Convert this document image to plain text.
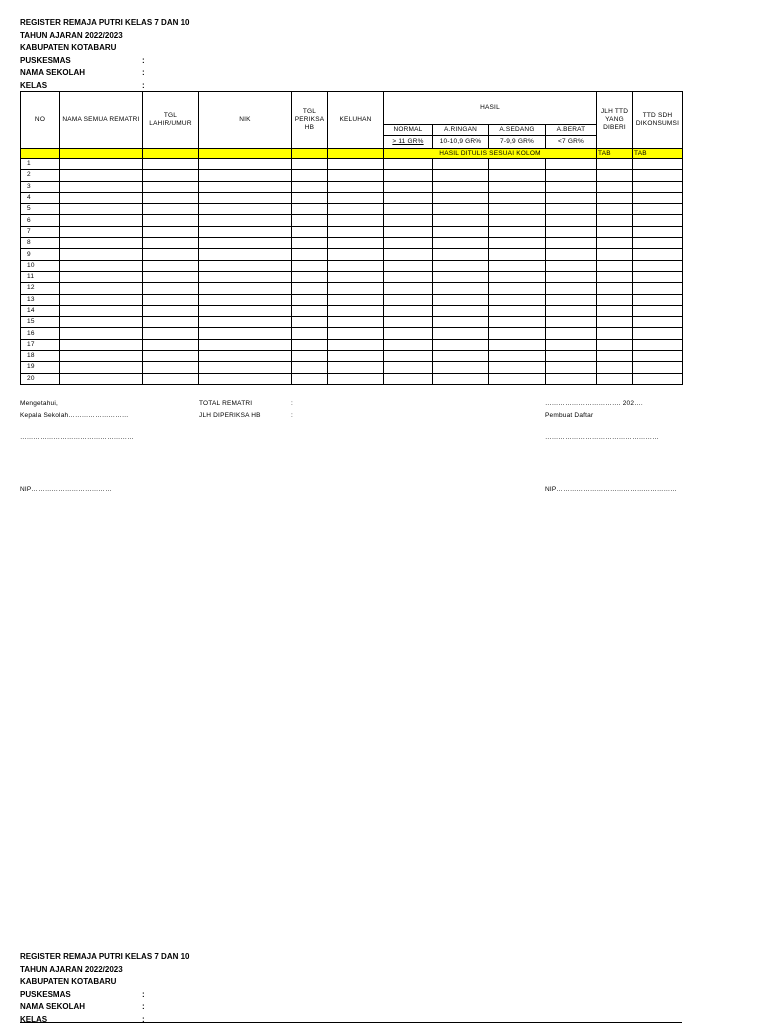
REGISTER REMAJA PUTRI KELAS 7 DAN 10
TAHUN AJARAN 2022/2023
KABUPATEN KOTABARU
PUSKESMAS	:
NAMA SEKOLAH	:
KELAS	:
NO	NAMA SEMUA REMATRI	TGL LAHIR/UMUR	NIK	TGL PERIKSA HB	KELUHAN	HASIL				JLH TTD YANG DIBERI	TTD SDH DIKONSUMSI
						NORMAL	A.RINGAN	A.SEDANG	A.BERAT		
						> 11 GR%	10-10,9 GR%	7-9,9 GR%	<7 GR%		
						HASIL DITULIS SESUAI KOLOM				TAB	TAB
1											
2											
3											
4											
5											
6											
7											
8											
9											
10											
11											
12											
13											
14											
15											
16											
17											
18											
19											
20											
Mengetahui,
Kepala Sekolah………………………
……………………………………………
NIP………………………………
TOTAL REMATRI	:
JLH DIPERIKSA HB	:
……………………………. 202….
Pembuat Daftar
……………………………………………
NIP………………………………………………
REGISTER REMAJA PUTRI KELAS 7 DAN 10
TAHUN AJARAN 2022/2023
KABUPATEN KOTABARU
PUSKESMAS	:
NAMA SEKOLAH	:
KELAS	:
